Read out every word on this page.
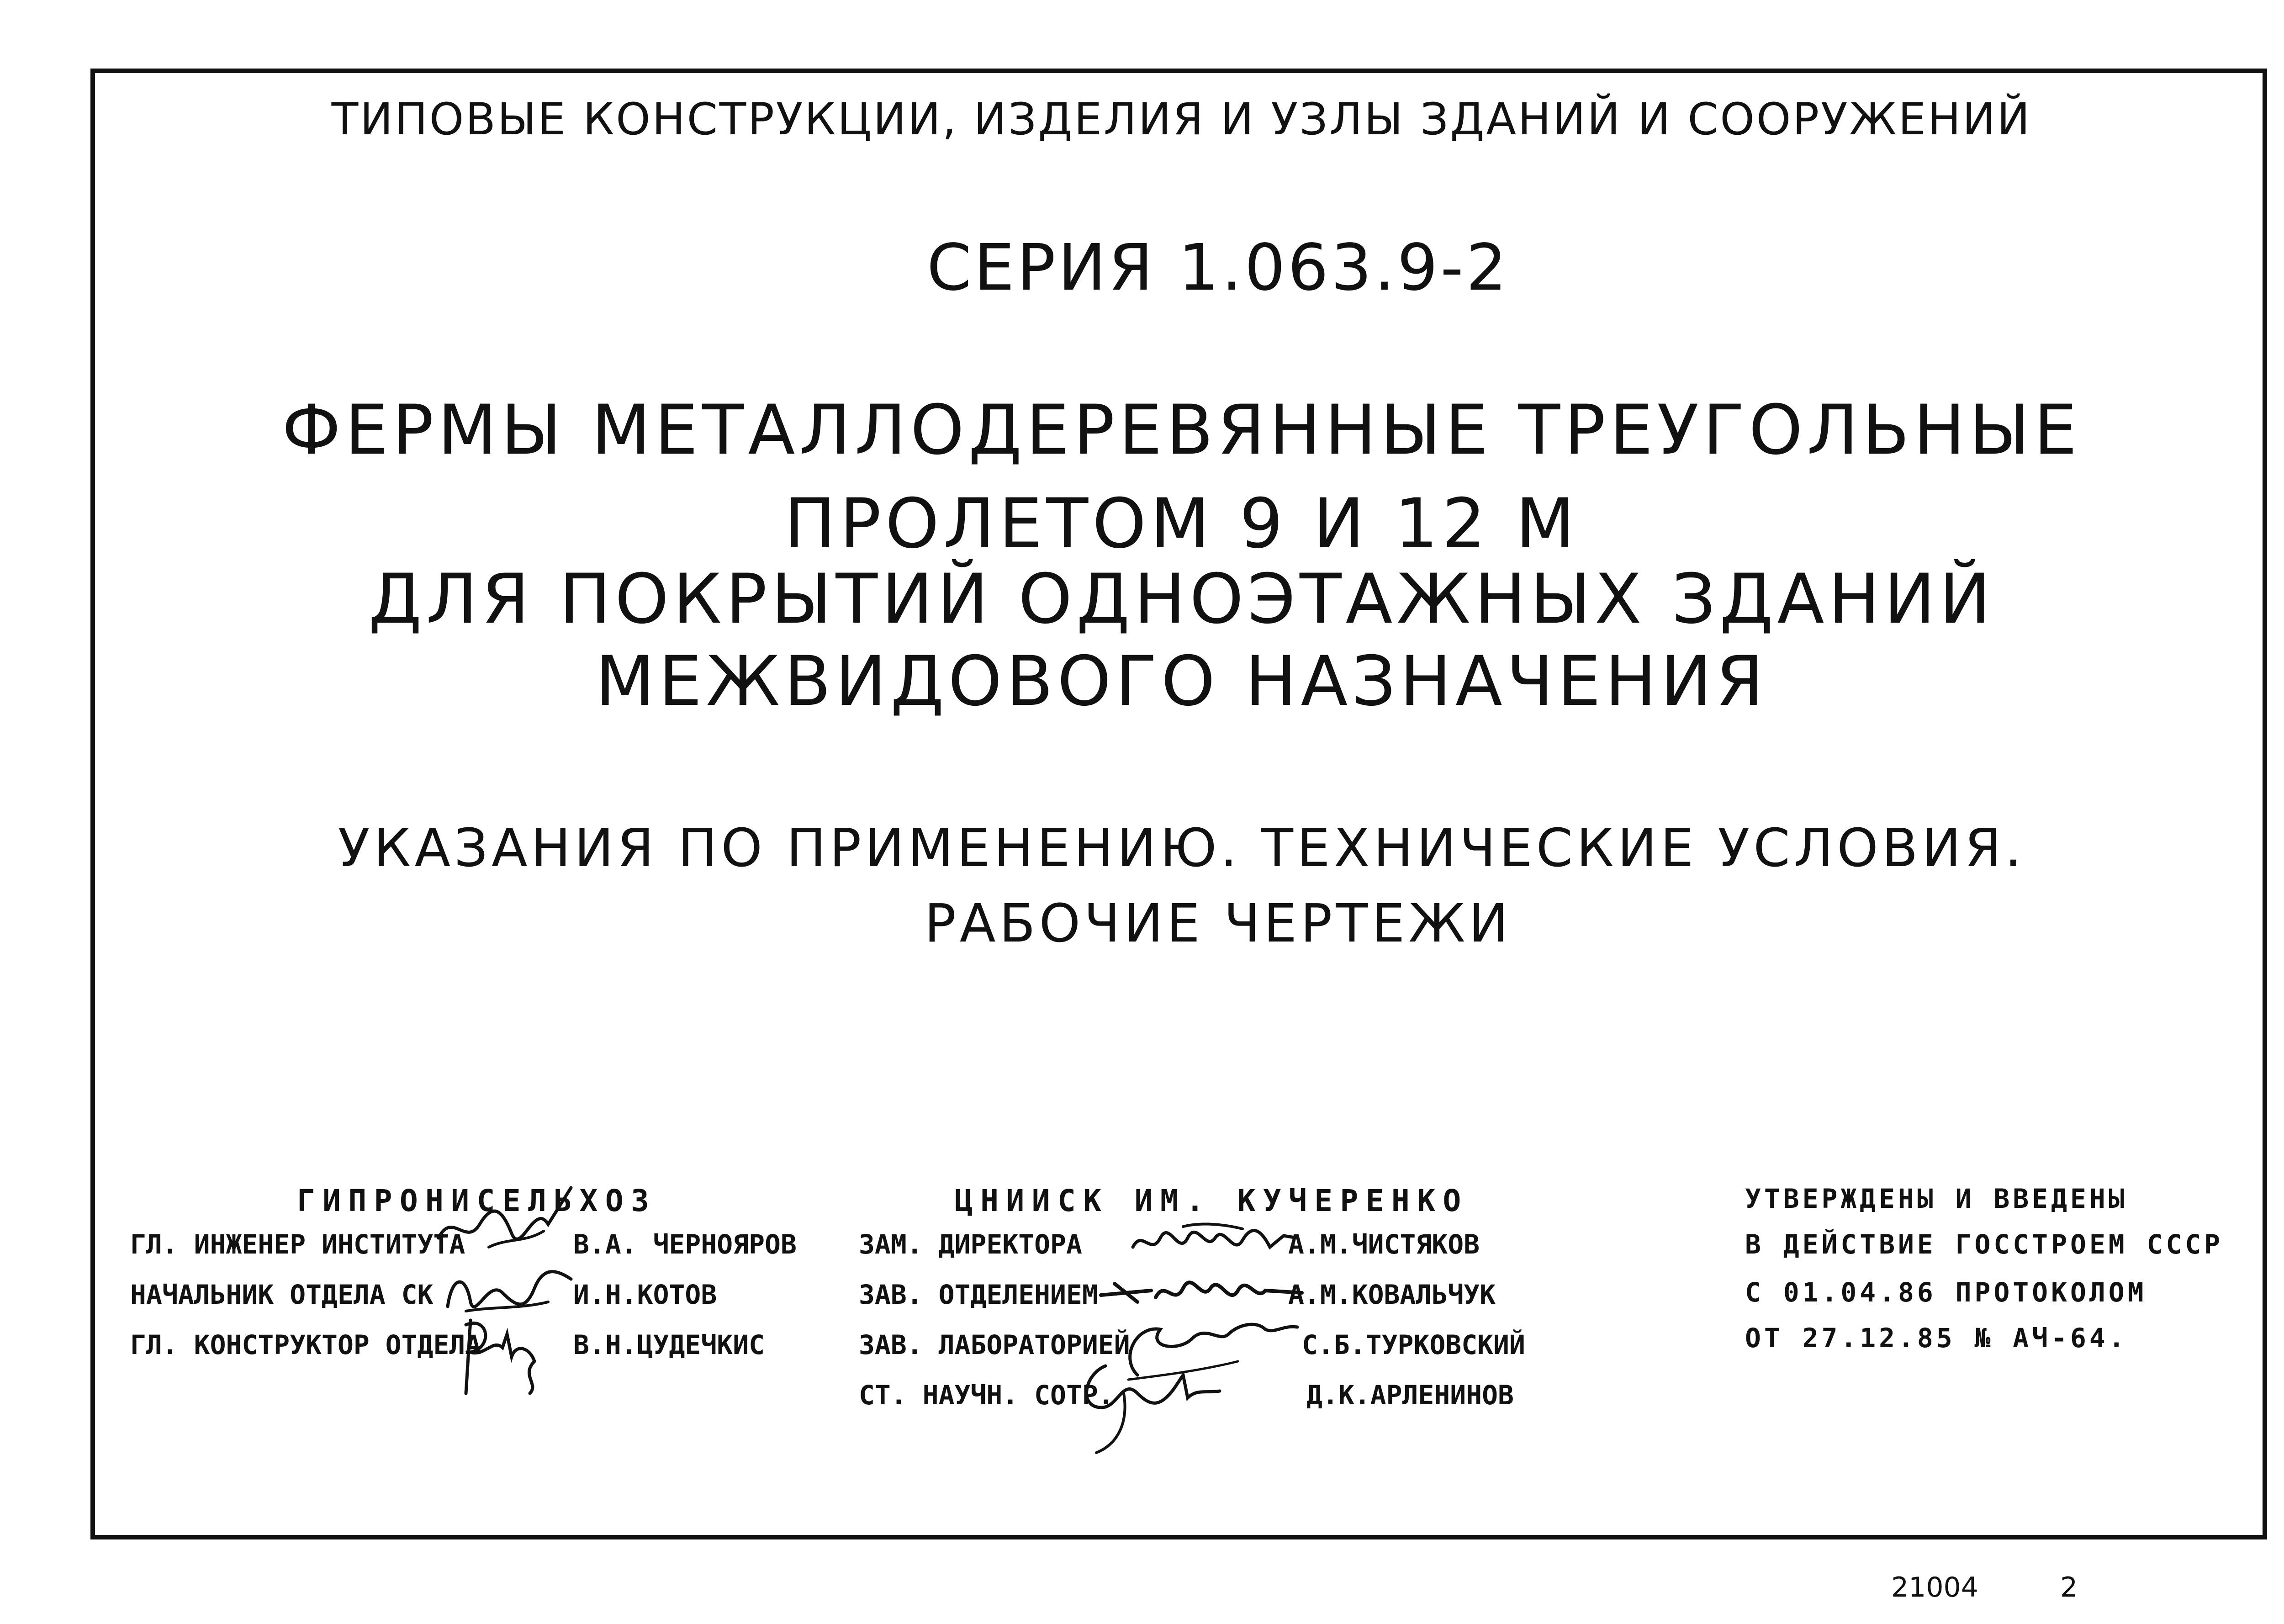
ТИПОВЫЕ КОНСТРУКЦИИ, ИЗДЕЛИЯ И УЗЛЫ ЗДАНИЙ И СООРУЖЕНИЙ
СЕРИЯ 1.063.9-2
ФЕРМЫ МЕТАЛЛОДЕРЕВЯННЫЕ ТРЕУГОЛЬНЫЕ
ПРОЛЕТОМ 9 И 12 М
ДЛЯ ПОКРЫТИЙ ОДНОЭТАЖНЫХ ЗДАНИЙ
МЕЖВИДОВОГО НАЗНАЧЕНИЯ
УКАЗАНИЯ ПО ПРИМЕНЕНИЮ. ТЕХНИЧЕСКИЕ УСЛОВИЯ.
РАБОЧИЕ ЧЕРТЕЖИ
ГИПРОНИСЕЛЬХОЗ
ГЛ. ИНЖЕНЕР ИНСТИТУТА	В.А. ЧЕРНОЯРОВ
НАЧАЛЬНИК ОТДЕЛА СК	И.Н.КОТОВ
ГЛ. КОНСТРУКТОР ОТДЕЛА	В.Н.ЦУДЕЧКИС
ЦНИИСК ИМ. КУЧЕРЕНКО
ЗАМ. ДИРЕКТОРА	А.М.ЧИСТЯКОВ
ЗАВ. ОТДЕЛЕНИЕМ	А.М.КОВАЛЬЧУК
ЗАВ. ЛАБОРАТОРИЕЙ	С.Б.ТУРКОВСКИЙ
СТ. НАУЧН. СОТР.	Д.К.АРЛЕНИНОВ
УТВЕРЖДЕНЫ И ВВЕДЕНЫ
В ДЕЙСТВИЕ ГОССТРОЕМ СССР
С 01.04.86 ПРОТОКОЛОМ
ОТ 27.12.85 № АЧ-64.
21004	2
